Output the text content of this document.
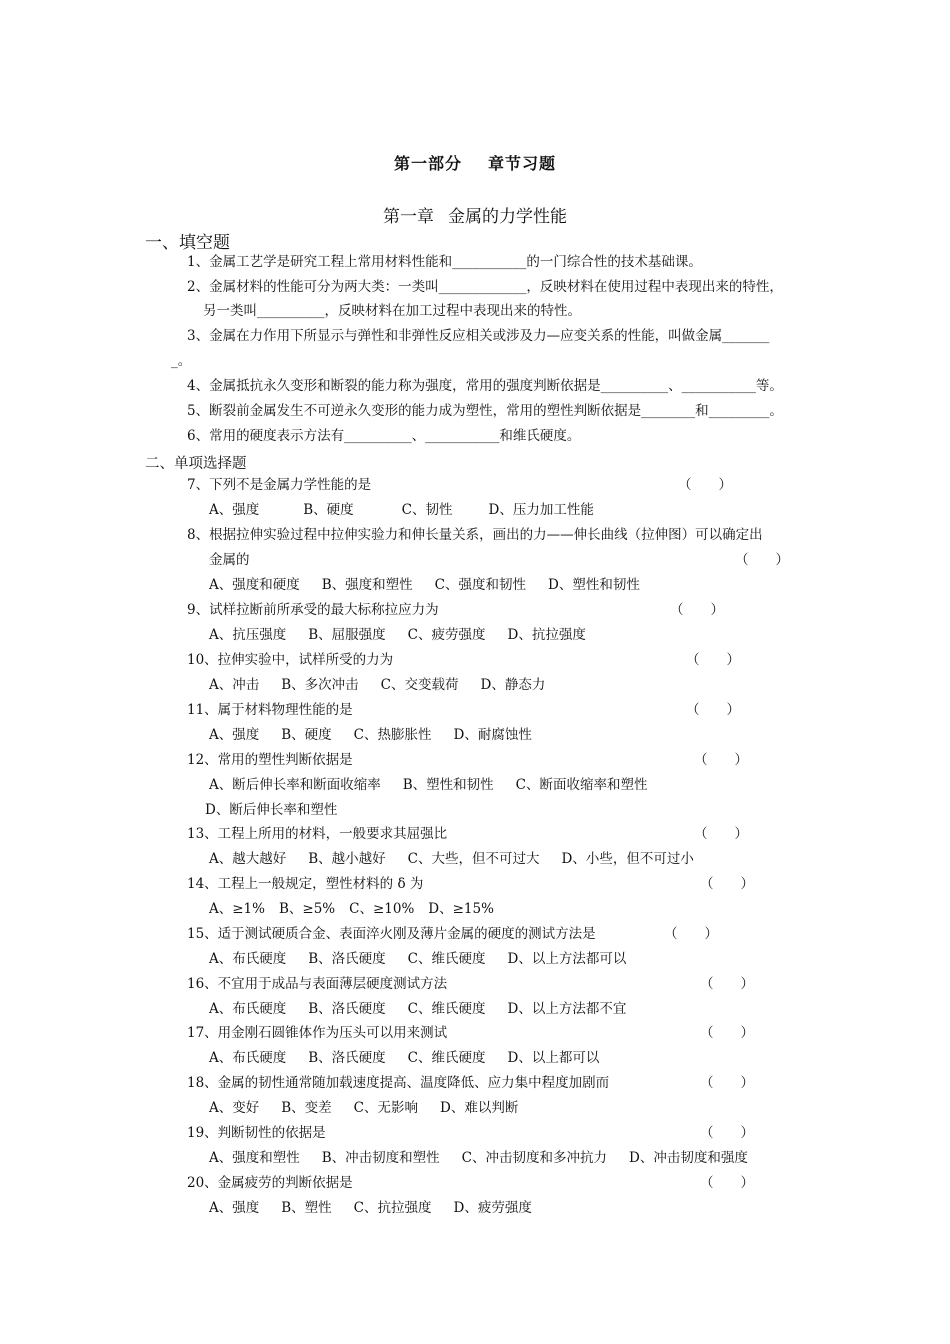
第一部分 章节习题
第一章 金属的力学性能
一、填空题
1、金属工艺学是研究工程上常用材料性能和___________的一门综合性的技术基础课。
2、金属材料的性能可分为两大类：一类叫_____________，反映材料在使用过程中表现出来的特性，
另一类叫__________，反映材料在加工过程中表现出来的特性。
3、金属在力作用下所显示与弹性和非弹性反应相关或涉及力—应变关系的性能，叫做金属_______
_。
4、金属抵抗永久变形和断裂的能力称为强度，常用的强度判断依据是__________、___________等。
5、断裂前金属发生不可逆永久变形的能力成为塑性，常用的塑性判断依据是________和_________。
6、常用的硬度表示方法有__________、___________和维氏硬度。
二、单项选择题
7、下列不是金属力学性能的是	（　　）
A、强度	B、硬度	C、韧性	D、压力加工性能
8、根据拉伸实验过程中拉伸实验力和伸长量关系，画出的力——伸长曲线（拉伸图）可以确定出
金属的	（　　）
A、强度和硬度 B、强度和塑性 C、强度和韧性 D、塑性和韧性
9、试样拉断前所承受的最大标称拉应力为	（　　）
A、抗压强度 B、屈服强度 C、疲劳强度 D、抗拉强度
10、拉伸实验中，试样所受的力为	（　　）
A、冲击 B、多次冲击 C、交变载荷 D、静态力
11、属于材料物理性能的是	（　　）
A、强度 B、硬度 C、热膨胀性 D、耐腐蚀性
12、常用的塑性判断依据是	（　　）
A、断后伸长率和断面收缩率 B、塑性和韧性 C、断面收缩率和塑性
D、断后伸长率和塑性
13、工程上所用的材料，一般要求其屈强比	（　　）
A、越大越好 B、越小越好 C、大些，但不可过大 D、小些，但不可过小
14、工程上一般规定，塑性材料的 δ 为	（　　）
A、≥1% B、≥5% C、≥10% D、≥15%
15、适于测试硬质合金、表面淬火刚及薄片金属的硬度的测试方法是	（　　）
A、布氏硬度 B、洛氏硬度 C、维氏硬度 D、以上方法都可以
16、不宜用于成品与表面薄层硬度测试方法	（　　）
A、布氏硬度 B、洛氏硬度 C、维氏硬度 D、以上方法都不宜
17、用金刚石圆锥体作为压头可以用来测试	（　　）
A、布氏硬度 B、洛氏硬度 C、维氏硬度 D、以上都可以
18、金属的韧性通常随加载速度提高、温度降低、应力集中程度加剧而	（　　）
A、变好 B、变差 C、无影响 D、难以判断
19、判断韧性的依据是	（　　）
A、强度和塑性 B、冲击韧度和塑性 C、冲击韧度和多冲抗力 D、冲击韧度和强度
20、金属疲劳的判断依据是	（　　）
A、强度 B、塑性 C、抗拉强度 D、疲劳强度
